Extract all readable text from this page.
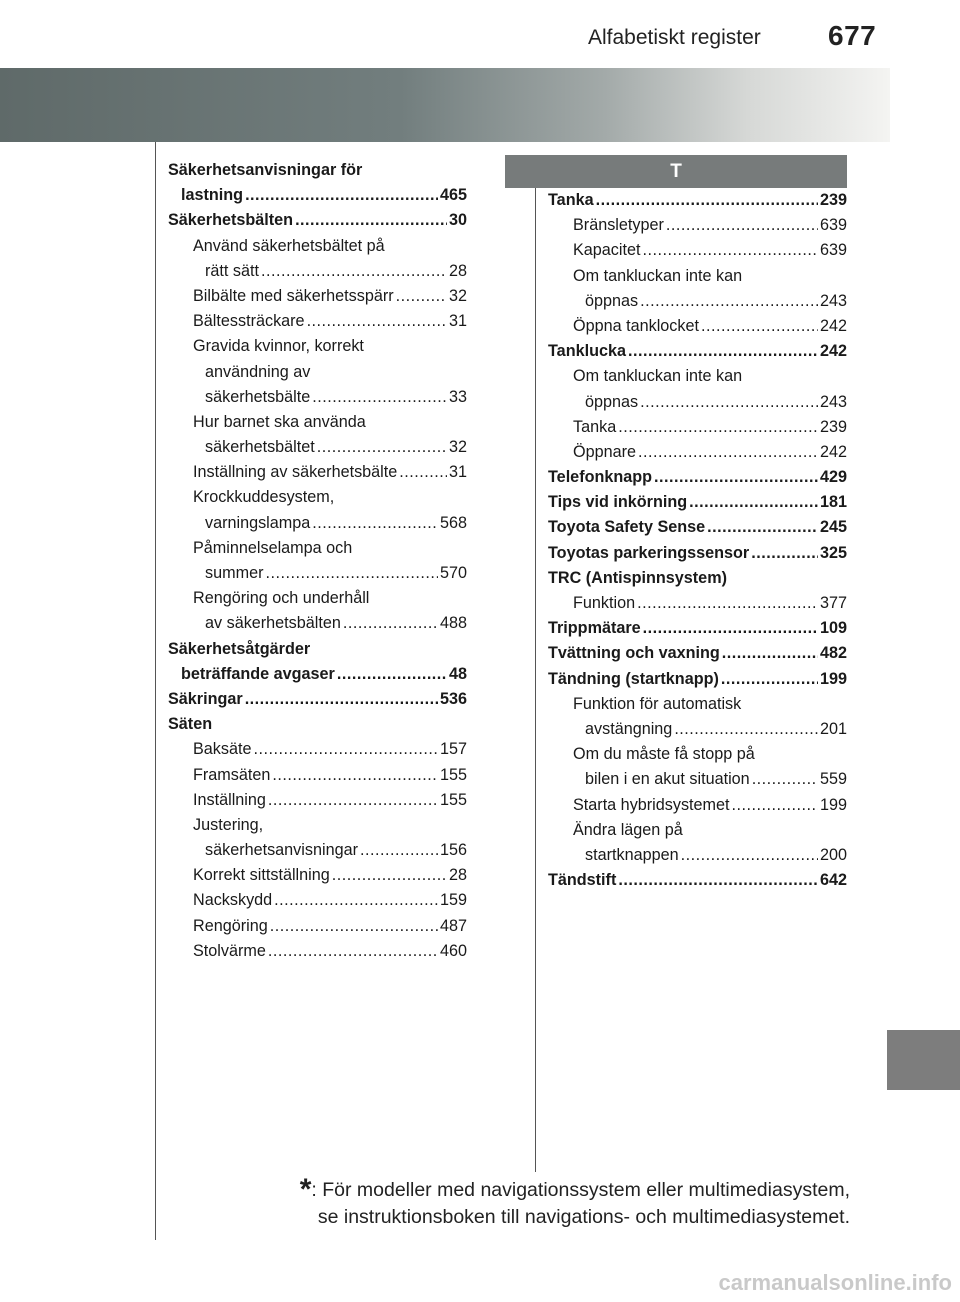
Alfabetiskt register 677
Säkerhetsanvisningar för
lastning .....	465
Säkerhetsbälten .....	30
Använd säkerhetsbältet på
rätt sätt .....	28
Bilbälte med säkerhetsspärr .....	32
Bältessträckare .....	31
Gravida kvinnor, korrekt
användning av
säkerhetsbälte .....	33
Hur barnet ska använda
säkerhetsbältet .....	32
Inställning av säkerhetsbälte .....	31
Krockkuddesystem,
varningslampa .....	568
Påminnelselampa och
summer .....	570
Rengöring och underhåll
av säkerhetsbälten .....	488
Säkerhetsåtgärder
beträffande avgaser .....	48
Säkringar .....	536
Säten
Baksäte .....	157
Framsäten .....	155
Inställning .....	155
Justering,
säkerhetsanvisningar .....	156
Korrekt sittställning .....	28
Nackskydd .....	159
Rengöring .....	487
Stolvärme .....	460
T
Tanka .....	239
Bränsletyper .....	639
Kapacitet .....	639
Om tankluckan inte kan
öppnas .....	243
Öppna tanklocket .....	242
Tanklucka .....	242
Om tankluckan inte kan
öppnas .....	243
Tanka .....	239
Öppnare .....	242
Telefonknapp .....	429
Tips vid inkörning .....	181
Toyota Safety Sense .....	245
Toyotas parkeringssensor .....	325
TRC (Antispinnsystem)
Funktion .....	377
Trippmätare .....	109
Tvättning och vaxning .....	482
Tändning (startknapp) .....	199
Funktion för automatisk
avstängning .....	201
Om du måste få stopp på
bilen i en akut situation .....	559
Starta hybridsystemet .....	199
Ändra lägen på
startknappen .....	200
Tändstift .....	642
*: För modeller med navigationssystem eller multimediasystem,
se instruktionsboken till navigations- och multimediasystemet.
carmanualsonline.info
